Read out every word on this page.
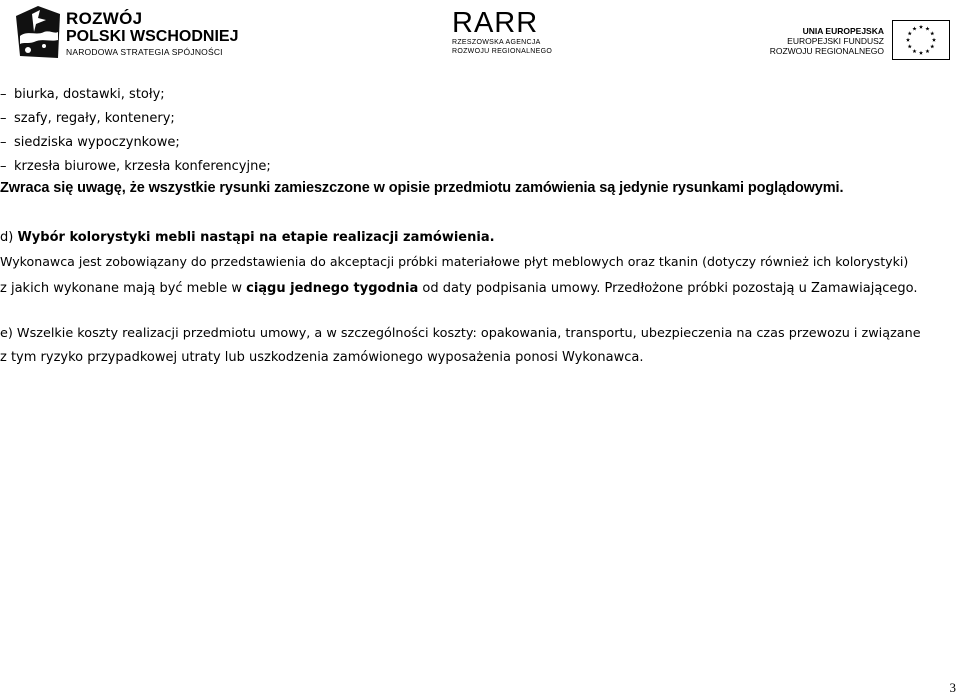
ROZWÓJ
POLSKI WSCHODNIEJ
NARODOWA STRATEGIA SPÓJNOŚCI
RARR
RZESZOWSKA AGENCJA
ROZWOJU REGIONALNEGO
UNIA EUROPEJSKA
EUROPEJSKI FUNDUSZ
ROZWOJU REGIONALNEGO
– biurka, dostawki, stoły;
– szafy, regały, kontenery;
– siedziska wypoczynkowe;
– krzesła biurowe, krzesła konferencyjne;
Zwraca się uwagę, że wszystkie rysunki zamieszczone w opisie przedmiotu zamówienia są jedynie rysunkami poglądowymi.
d) Wybór kolorystyki mebli nastąpi na etapie realizacji zamówienia.
Wykonawca jest zobowiązany do przedstawienia do akceptacji próbki materiałowe płyt meblowych oraz tkanin (dotyczy również ich kolorystyki)
z jakich wykonane mają być meble w ciągu jednego tygodnia od daty podpisania umowy. Przedłożone próbki pozostają u Zamawiającego.
e) Wszelkie koszty realizacji przedmiotu umowy, a w szczególności koszty: opakowania, transportu, ubezpieczenia na czas przewozu i związane
z tym ryzyko przypadkowej utraty lub uszkodzenia zamówionego wyposażenia ponosi Wykonawca.
3
